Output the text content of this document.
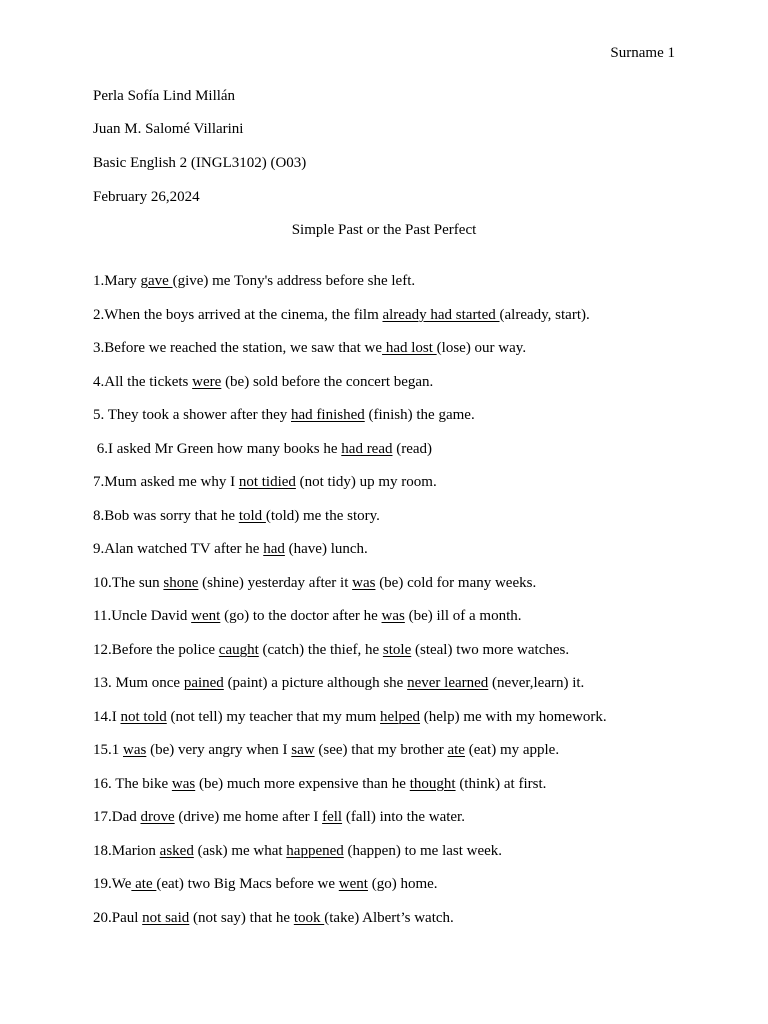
Surname 1
Perla Sofía Lind Millán
Juan M. Salomé Villarini
Basic English 2 (INGL3102) (O03)
February 26,2024
Simple Past or the Past Perfect
1.Mary gave (give) me Tony's address before she left.
2.When the boys arrived at the cinema, the film already had started (already, start).
3.Before we reached the station, we saw that we had lost (lose) our way.
4.All the tickets were (be) sold before the concert began.
5. They took a shower after they had finished (finish) the game.
6.I asked Mr Green how many books he had read (read)
7.Mum asked me why I not tidied (not tidy) up my room.
8.Bob was sorry that he told (told) me the story.
9.Alan watched TV after he had (have) lunch.
10.The sun shone (shine) yesterday after it was (be) cold for many weeks.
11.Uncle David went (go) to the doctor after he was (be) ill of a month.
12.Before the police caught (catch) the thief, he stole (steal) two more watches.
13. Mum once pained (paint) a picture although she never learned (never,learn) it.
14.I not told (not tell) my teacher that my mum helped (help) me with my homework.
15.1 was (be) very angry when I saw (see) that my brother ate (eat) my apple.
16. The bike was (be) much more expensive than he thought (think) at first.
17.Dad drove (drive) me home after I fell (fall) into the water.
18.Marion asked (ask) me what happened (happen) to me last week.
19.We ate (eat) two Big Macs before we went (go) home.
20.Paul not said (not say) that he took (take) Albert’s watch.
